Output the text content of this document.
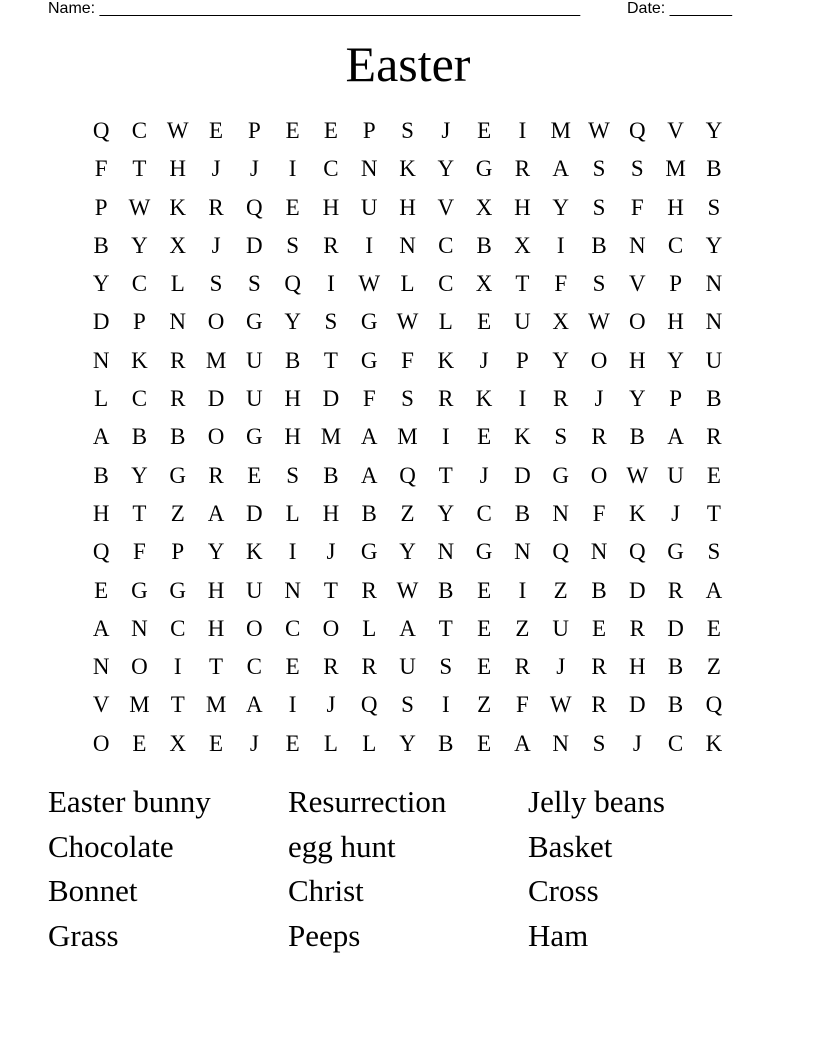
Name: ______________________________________________________	Date: _______
Easter
Q C W E	P	E	E	P	S	J	E	I	M W Q V Y
F	T H	J	J	I	C N K Y G R A	S	S M B
P W K R Q E H U H V X H Y	S	F	H	S
B Y X	J	D	S	R	I	N C B X	I	B N C Y
Y C	L	S	S	Q	I	W L	C X T	F	S	V	P	N
D	P	N O G Y	S	G W L	E U X W O H N
N K R M U B	T G	F	K	J	P	Y O H Y U
L	C R D U H D	F	S	R K	I	R	J	Y	P	B
A B B O G H M A M	I	E K	S	R B A R
B Y G R	E	S	B A Q T	J	D G O W U E
H T	Z A D L H B	Z Y C B N	F	K	J	T
Q	F	P	Y K	I	J	G Y N G N Q N Q G	S
E G G H U N T	R W B	E	I	Z	B D R A
A N C H O C O L A T	E	Z U E	R D E
N O	I	T	C	E	R R U	S	E	R	J	R H B	Z
V M T M A	I	J	Q	S	I	Z	F W R D B Q
O E X E	J	E	L	L Y B	E A N	S	J	C K
Easter bunny	Resurrection	Jelly beans
Chocolate	egg hunt	Basket
Bonnet	Christ	Cross
Grass	Peeps	Ham
